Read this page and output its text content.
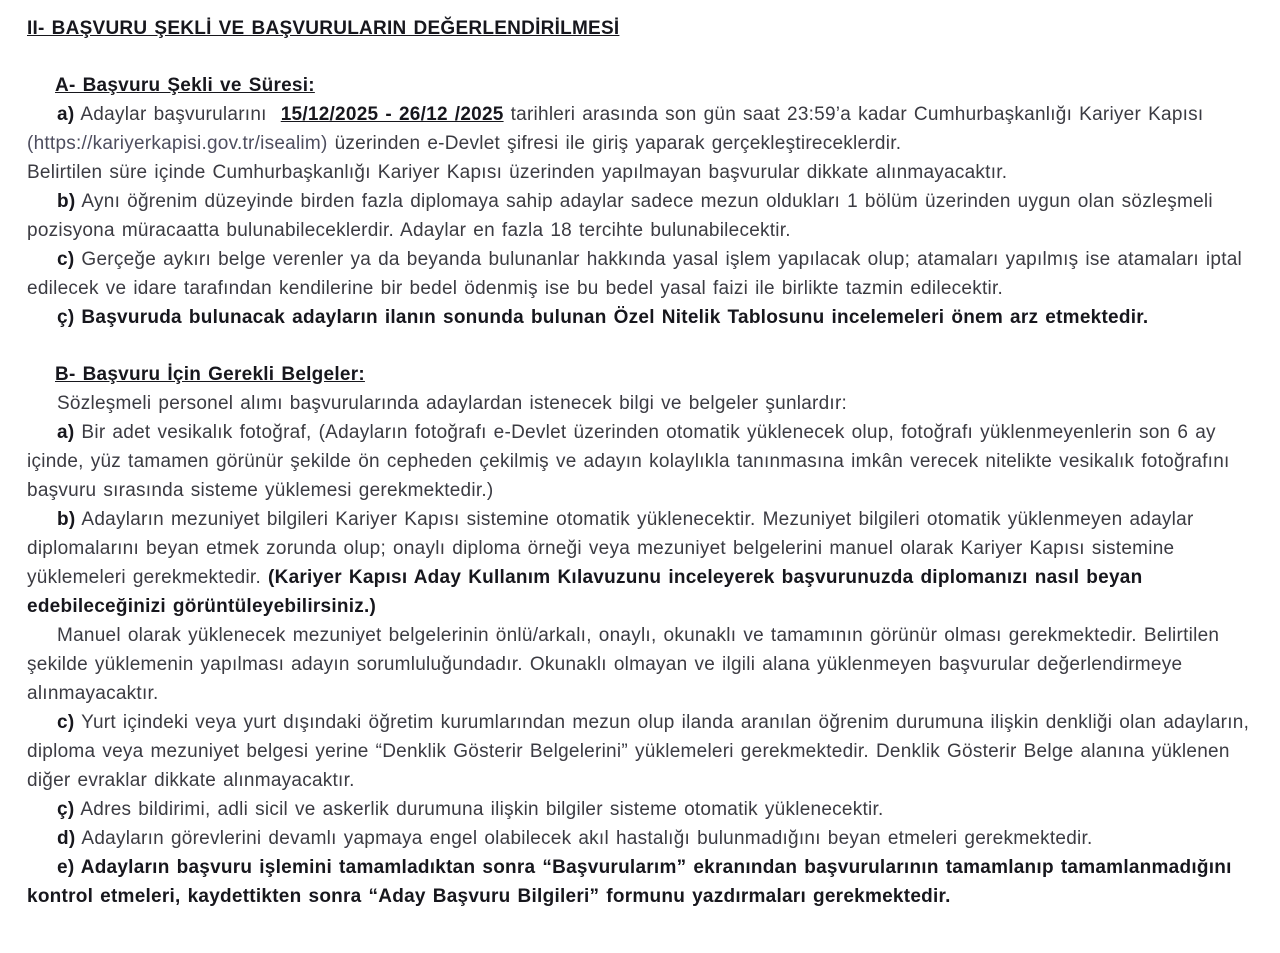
II- BAŞVURU ŞEKLİ VE BAŞVURULARIN DEĞERLENDİRİLMESİ
A- Başvuru Şekli ve Süresi:
a) Adaylar başvurularını  15/12/2025 - 26/12 /2025 tarihleri arasında son gün saat 23:59’a kadar Cumhurbaşkanlığı Kariyer Kapısı (https://kariyerkapisi.gov.tr/isealim) üzerinden e-Devlet şifresi ile giriş yaparak gerçekleştireceklerdir.
Belirtilen süre içinde Cumhurbaşkanlığı Kariyer Kapısı üzerinden yapılmayan başvurular dikkate alınmayacaktır.
b) Aynı öğrenim düzeyinde birden fazla diplomaya sahip adaylar sadece mezun oldukları 1 bölüm üzerinden uygun olan sözleşmeli pozisyona müracaatta bulunabileceklerdir. Adaylar en fazla 18 tercihte bulunabilecektir.
c) Gerçeğe aykırı belge verenler ya da beyanda bulunanlar hakkında yasal işlem yapılacak olup; atamaları yapılmış ise atamaları iptal edilecek ve idare tarafından kendilerine bir bedel ödenmiş ise bu bedel yasal faizi ile birlikte tazmin edilecektir.
ç) Başvuruda bulunacak adayların ilanın sonunda bulunan Özel Nitelik Tablosunu incelemeleri önem arz etmektedir.
B- Başvuru İçin Gerekli Belgeler:
Sözleşmeli personel alımı başvurularında adaylardan istenecek bilgi ve belgeler şunlardır:
a) Bir adet vesikalık fotoğraf, (Adayların fotoğrafı e-Devlet üzerinden otomatik yüklenecek olup, fotoğrafı yüklenmeyenlerin son 6 ay içinde, yüz tamamen görünür şekilde ön cepheden çekilmiş ve adayın kolaylıkla tanınmasına imkân verecek nitelikte vesikalık fotoğrafını başvuru sırasında sisteme yüklemesi gerekmektedir.)
b) Adayların mezuniyet bilgileri Kariyer Kapısı sistemine otomatik yüklenecektir. Mezuniyet bilgileri otomatik yüklenmeyen adaylar diplomalarını beyan etmek zorunda olup; onaylı diploma örneği veya mezuniyet belgelerini manuel olarak Kariyer Kapısı sistemine yüklemeleri gerekmektedir. (Kariyer Kapısı Aday Kullanım Kılavuzunu inceleyerek başvurunuzda diplomanızı nasıl beyan edebileceğinizi görüntüleyebilirsiniz.)
Manuel olarak yüklenecek mezuniyet belgelerinin önlü/arkalı, onaylı, okunaklı ve tamamının görünür olması gerekmektedir. Belirtilen şekilde yüklemenin yapılması adayın sorumluluğundadır. Okunaklı olmayan ve ilgili alana yüklenmeyen başvurular değerlendirmeye alınmayacaktır.
c) Yurt içindeki veya yurt dışındaki öğretim kurumlarından mezun olup ilanda aranılan öğrenim durumuna ilişkin denkliği olan adayların, diploma veya mezuniyet belgesi yerine “Denklik Gösterir Belgelerini” yüklemeleri gerekmektedir. Denklik Gösterir Belge alanına yüklenen diğer evraklar dikkate alınmayacaktır.
ç) Adres bildirimi, adli sicil ve askerlik durumuna ilişkin bilgiler sisteme otomatik yüklenecektir.
d) Adayların görevlerini devamlı yapmaya engel olabilecek akıl hastalığı bulunmadığını beyan etmeleri gerekmektedir.
e) Adayların başvuru işlemini tamamladıktan sonra “Başvurularım” ekranından başvurularının tamamlanıp tamamlanmadığını kontrol etmeleri, kaydettikten sonra “Aday Başvuru Bilgileri” formunu yazdırmaları gerekmektedir.
